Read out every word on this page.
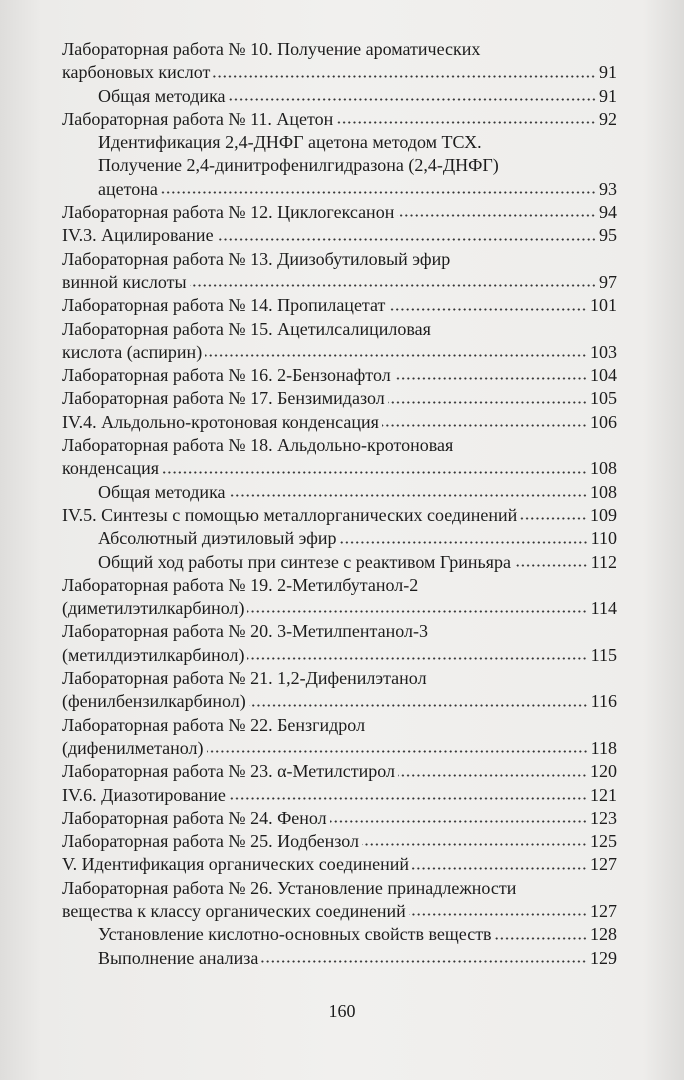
Лабораторная работа № 10. Получение ароматических
карбоновых кислот	91
Общая методика	91
Лабораторная работа № 11. Ацетон	92
Идентификация 2,4-ДНФГ ацетона методом ТСХ.
Получение 2,4-динитрофенилгидразона (2,4-ДНФГ)
ацетона	93
Лабораторная работа № 12. Циклогексанон	94
IV.3. Ацилирование	95
Лабораторная работа № 13. Диизобутиловый эфир
винной кислоты	97
Лабораторная работа № 14. Пропилацетат	101
Лабораторная работа № 15. Ацетилсалициловая
кислота (аспирин)	103
Лабораторная работа № 16. 2-Бензонафтол	104
Лабораторная работа № 17. Бензимидазол	105
IV.4. Альдольно-кротоновая конденсация	106
Лабораторная работа № 18. Альдольно-кротоновая
конденсация	108
Общая методика	108
IV.5. Синтезы с помощью металлорганических соединений	109
Абсолютный диэтиловый эфир	110
Общий ход работы при синтезе с реактивом Гриньяра	112
Лабораторная работа № 19. 2-Метилбутанол-2
(диметилэтилкарбинол)	114
Лабораторная работа № 20. 3-Метилпентанол-3
(метилдиэтилкарбинол)	115
Лабораторная работа № 21. 1,2-Дифенилэтанол
(фенилбензилкарбинол)	116
Лабораторная работа № 22. Бензгидрол
(дифенилметанол)	118
Лабораторная работа № 23. α-Метилстирол	120
IV.6. Диазотирование	121
Лабораторная работа № 24. Фенол	123
Лабораторная работа № 25. Иодбензол	125
V. Идентификация органических соединений	127
Лабораторная работа № 26. Установление принадлежности
вещества к классу органических соединений	127
Установление кислотно-основных свойств веществ	128
Выполнение анализа	129
160
